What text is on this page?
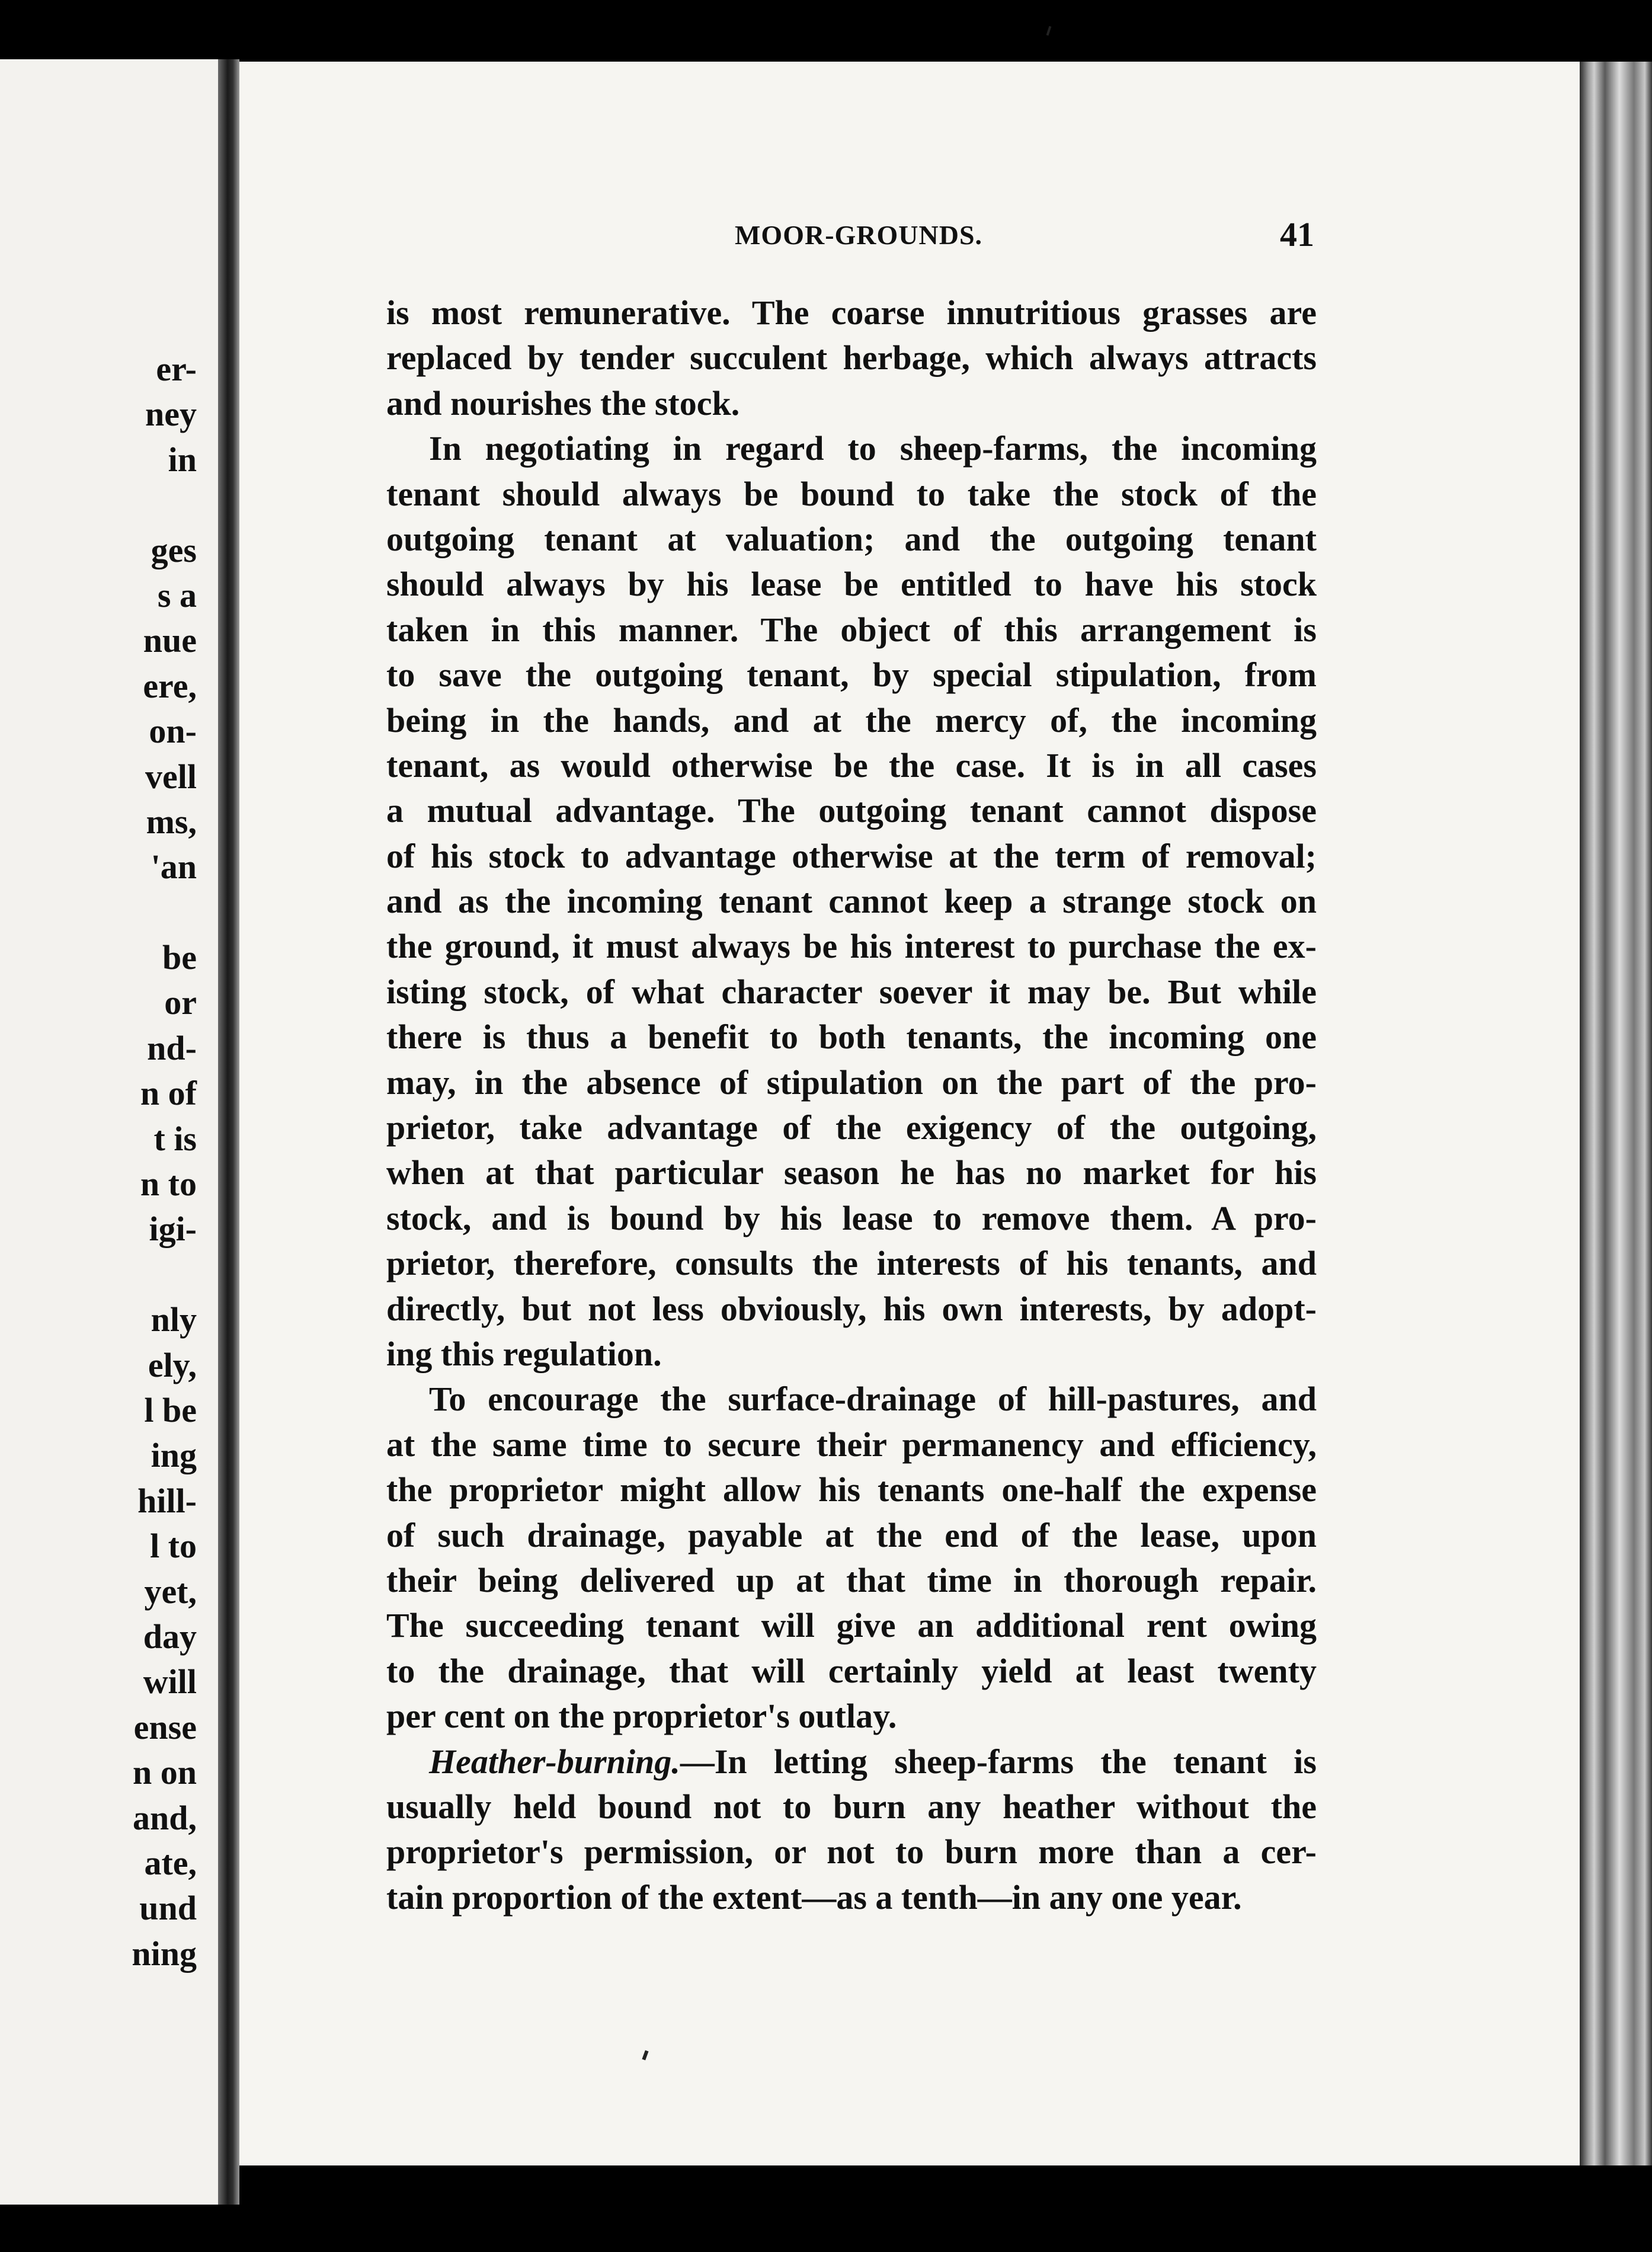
er-
ney
in
ges
s a
nue
ere,
on-
vell
ms,
'an
be
or
nd-
n of
t is
n to
igi-
nly
ely,
l be
ing
hill-
l to
yet,
day
will
ense
n on
and,
ate,
und
ning
MOOR-GROUNDS.	41
is most remunerative. The coarse innutritious grasses are
replaced by tender succulent herbage, which always attracts
and nourishes the stock.
In negotiating in regard to sheep-farms, the incoming
tenant should always be bound to take the stock of the
outgoing tenant at valuation; and the outgoing tenant
should always by his lease be entitled to have his stock
taken in this manner. The object of this arrangement is
to save the outgoing tenant, by special stipulation, from
being in the hands, and at the mercy of, the incoming
tenant, as would otherwise be the case. It is in all cases
a mutual advantage. The outgoing tenant cannot dispose
of his stock to advantage otherwise at the term of removal;
and as the incoming tenant cannot keep a strange stock on
the ground, it must always be his interest to purchase the ex-
isting stock, of what character soever it may be. But while
there is thus a benefit to both tenants, the incoming one
may, in the absence of stipulation on the part of the pro-
prietor, take advantage of the exigency of the outgoing,
when at that particular season he has no market for his
stock, and is bound by his lease to remove them. A pro-
prietor, therefore, consults the interests of his tenants, and
directly, but not less obviously, his own interests, by adopt-
ing this regulation.
To encourage the surface-drainage of hill-pastures, and
at the same time to secure their permanency and efficiency,
the proprietor might allow his tenants one-half the expense
of such drainage, payable at the end of the lease, upon
their being delivered up at that time in thorough repair.
The succeeding tenant will give an additional rent owing
to the drainage, that will certainly yield at least twenty
per cent on the proprietor's outlay.
Heather-burning.—In letting sheep-farms the tenant is
usually held bound not to burn any heather without the
proprietor's permission, or not to burn more than a cer-
tain proportion of the extent—as a tenth—in any one year.
